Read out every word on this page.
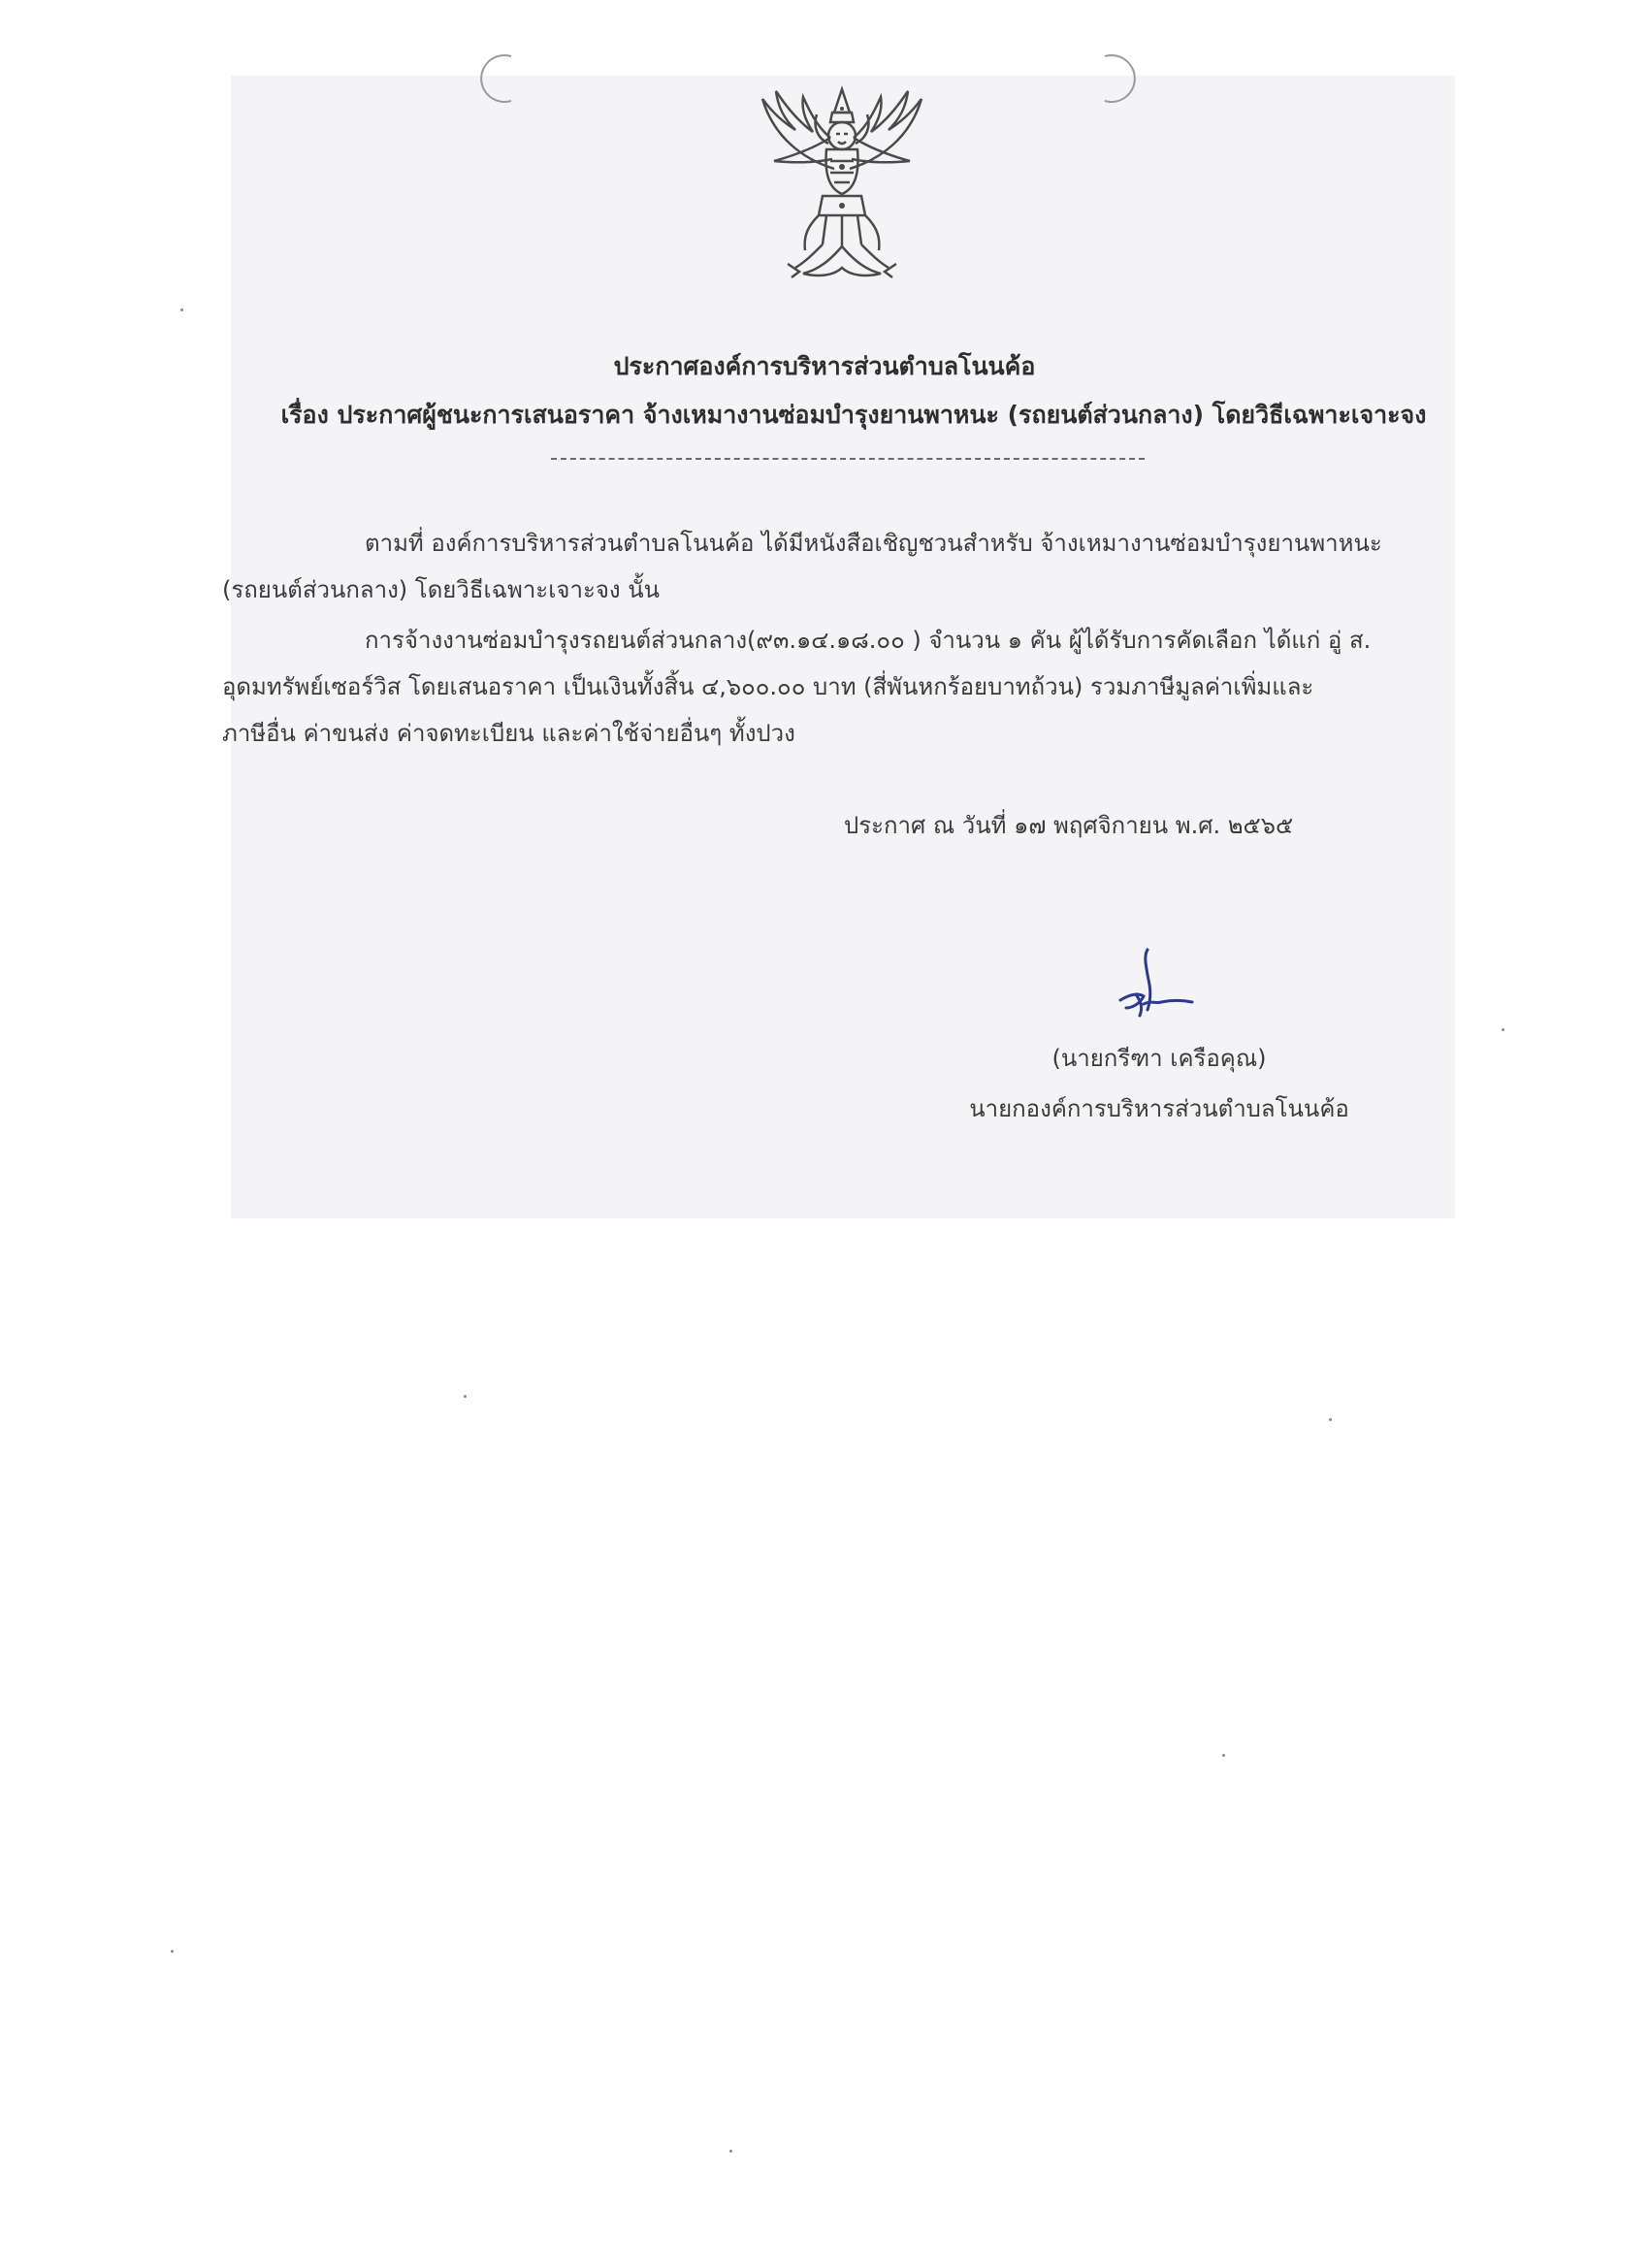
ประกาศองค์การบริหารส่วนตำบลโนนค้อ
เรื่อง ประกาศผู้ชนะการเสนอราคา จ้างเหมางานซ่อมบำรุงยานพาหนะ (รถยนต์ส่วนกลาง) โดยวิธีเฉพาะเจาะจง
ตามที่ องค์การบริหารส่วนตำบลโนนค้อ ได้มีหนังสือเชิญชวนสำหรับ จ้างเหมางานซ่อมบำรุงยานพาหนะ
(รถยนต์ส่วนกลาง) โดยวิธีเฉพาะเจาะจง นั้น
การจ้างงานซ่อมบำรุงรถยนต์ส่วนกลาง(๙๓.๑๔.๑๘.๐๐ ) จำนวน ๑ คัน ผู้ได้รับการคัดเลือก ได้แก่ อู่ ส.
อุดมทรัพย์เซอร์วิส โดยเสนอราคา เป็นเงินทั้งสิ้น ๔,๖๐๐.๐๐ บาท (สี่พันหกร้อยบาทถ้วน) รวมภาษีมูลค่าเพิ่มและ
ภาษีอื่น ค่าขนส่ง ค่าจดทะเบียน และค่าใช้จ่ายอื่นๆ ทั้งปวง
ประกาศ ณ วันที่ ๑๗ พฤศจิกายน พ.ศ. ๒๕๖๕
(นายกรีฑา เครือคุณ)
นายกองค์การบริหารส่วนตำบลโนนค้อ
